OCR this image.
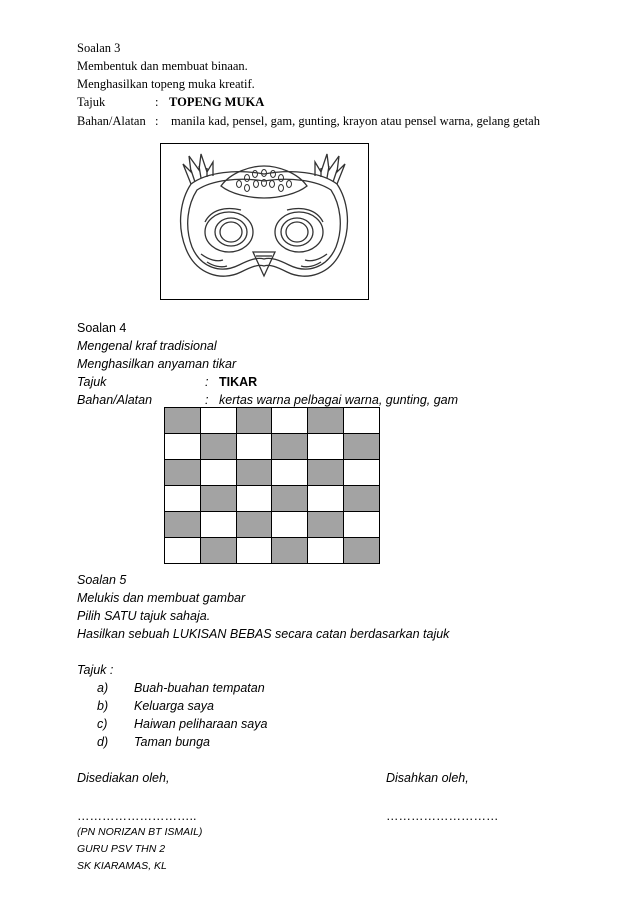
Soalan 3
Membentuk dan membuat binaan.
Menghasilkan topeng muka kreatif.
Tajuk	: TOPENG MUKA
Bahan/Alatan : manila kad, pensel, gam, gunting, krayon atau pensel warna, gelang getah
Soalan 4
Mengenal kraf tradisional
Menghasilkan anyaman tikar
Tajuk	: TIKAR
Bahan/Alatan	: kertas warna pelbagai warna, gunting, gam

Soalan 5
Melukis dan membuat gambar
Pilih SATU tajuk sahaja.
Hasilkan sebuah LUKISAN BEBAS secara catan berdasarkan tajuk
Tajuk :
a) Buah-buahan tempatan
b) Keluarga saya
c) Haiwan peliharaan saya
d) Taman bunga
Disediakan oleh,	Disahkan oleh,
………………………..	………………………
(PN NORIZAN BT ISMAIL)
GURU PSV THN 2
SK KIARAMAS, KL
